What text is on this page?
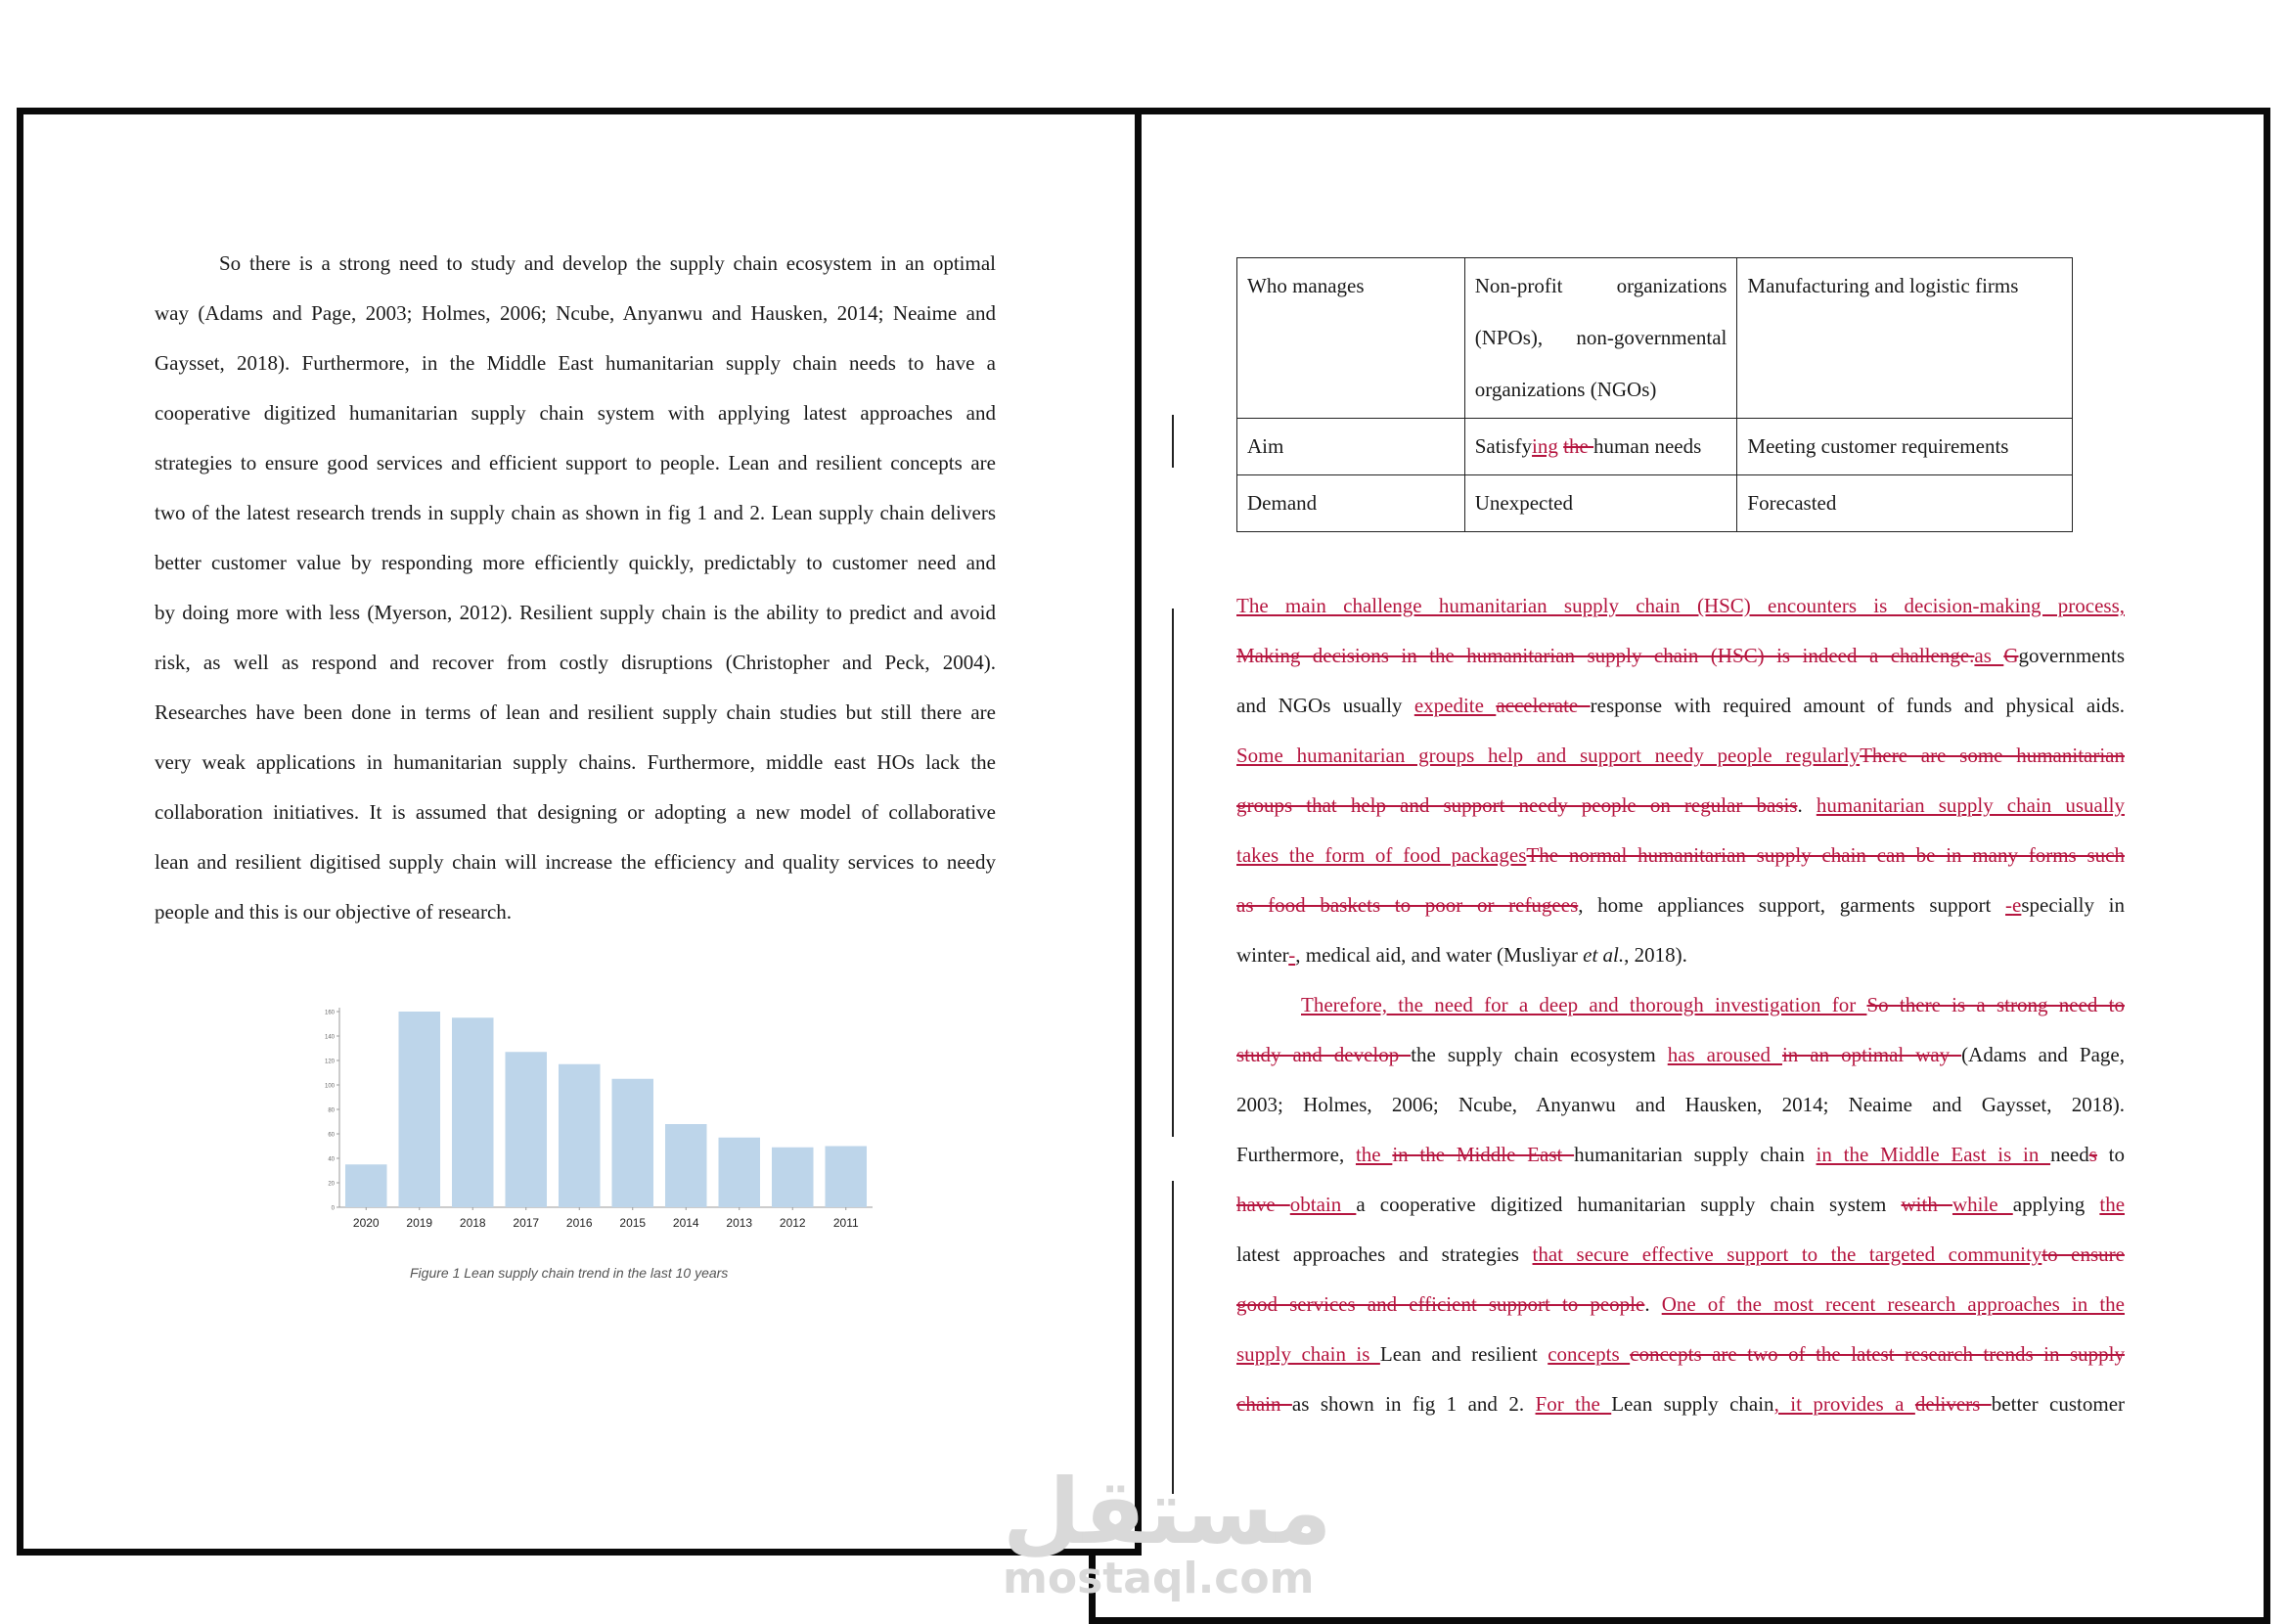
So there is a strong need to study and develop the supply chain ecosystem in an optimal
way (Adams and Page, 2003; Holmes, 2006; Ncube, Anyanwu and Hausken, 2014; Neaime and
Gaysset, 2018). Furthermore, in the Middle East humanitarian supply chain needs to have a
cooperative digitized humanitarian supply chain system with applying latest approaches and
strategies to ensure good services and efficient support to people. Lean and resilient concepts are
two of the latest research trends in supply chain as shown in fig 1 and 2. Lean supply chain delivers
better customer value by responding more efficiently quickly, predictably to customer need and
by doing more with less (Myerson, 2012). Resilient supply chain is the ability to predict and avoid
risk, as well as respond and recover from costly disruptions (Christopher and Peck, 2004).
Researches have been done in terms of lean and resilient supply chain studies but still there are
very weak applications in humanitarian supply chains. Furthermore, middle east HOs lack the
collaboration initiatives. It is assumed that designing or adopting a new model of collaborative
lean and resilient digitised supply chain will increase the efficiency and quality services to needy
people and this is our objective of research.
0
20
40
60
80
100
120
140
160
2020 2019 2018 2017 2016 2015 2014 2013 2012 2011
Figure 1 Lean supply chain trend in the last 10 years
Who manages	Non-profit organizations (NPOs), non-governmental organizations (NGOs)	Manufacturing and logistic firms
Aim	Satisfying the human needs	Meeting customer requirements
Demand	Unexpected	Forecasted
The main challenge humanitarian supply chain (HSC) encounters is decision-making process,
Making decisions in the humanitarian supply chain (HSC) is indeed a challenge.as Ggovernments
and NGOs usually expedite accelerate response with required amount of funds and physical aids.
Some humanitarian groups help and support needy people regularlyThere are some humanitarian
groups that help and support needy people on regular basis. humanitarian supply chain usually
takes the form of food packagesThe normal humanitarian supply chain can be in many forms such
as food baskets to poor or refugees, home appliances support, garments support -especially in
winter-, medical aid, and water (Musliyar et al., 2018).
Therefore, the need for a deep and thorough investigation for So there is a strong need to
study and develop the supply chain ecosystem has aroused in an optimal way (Adams and Page,
2003; Holmes, 2006; Ncube, Anyanwu and Hausken, 2014; Neaime and Gaysset, 2018).
Furthermore, the in the Middle East humanitarian supply chain in the Middle East is in needs to
have obtain a cooperative digitized humanitarian supply chain system with while applying the
latest approaches and strategies that secure effective support to the targeted communityto ensure
good services and efficient support to people. One of the most recent research approaches in the
supply chain is Lean and resilient concepts concepts are two of the latest research trends in supply
chain as shown in fig 1 and 2. For the Lean supply chain, it provides a delivers better customer
مستقل
mostaql.com
